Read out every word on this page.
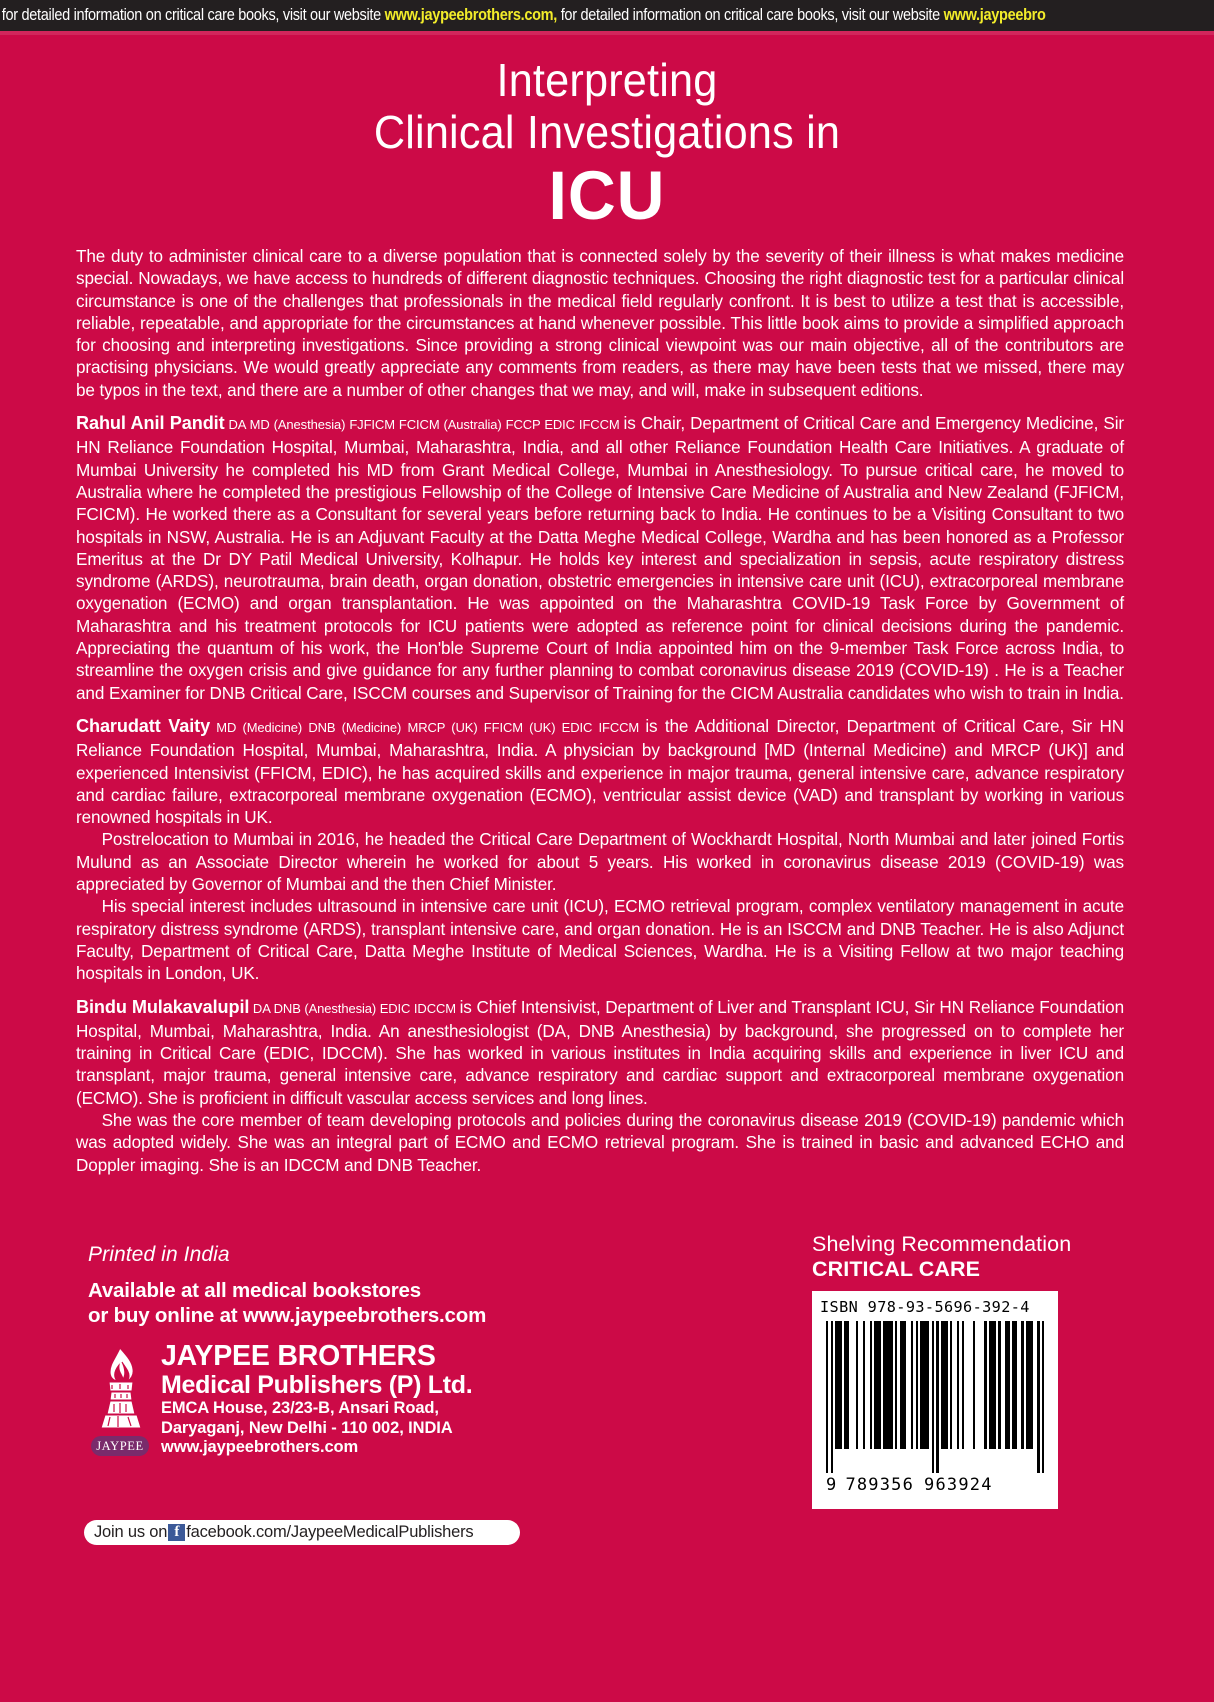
for detailed information on critical care books, visit our website www.jaypeebrothers.com, for detailed information on critical care books, visit our website www.jaypeebro
Interpreting
Clinical Investigations in
ICU

The duty to administer clinical care to a diverse population that is connected solely by the severity of their illness is what makes medicine special. Nowadays, we have access to hundreds of different diagnostic techniques. Choosing the right diagnostic test for a particular clinical circumstance is one of the challenges that professionals in the medical field regularly confront. It is best to utilize a test that is accessible, reliable, repeatable, and appropriate for the circumstances at hand whenever possible. This little book aims to provide a simplified approach for choosing and interpreting investigations. Since providing a strong clinical viewpoint was our main objective, all of the contributors are practising physicians. We would greatly appreciate any comments from readers, as there may have been tests that we missed, there may be typos in the text, and there are a number of other changes that we may, and will, make in subsequent editions.

Rahul Anil Pandit DA MD (Anesthesia) FJFICM FCICM (Australia) FCCP EDIC IFCCM is Chair, Department of Critical Care and Emergency Medicine, Sir HN Reliance Foundation Hospital, Mumbai, Maharashtra, India, and all other Reliance Foundation Health Care Initiatives. A graduate of Mumbai University he completed his MD from Grant Medical College, Mumbai in Anesthesiology. To pursue critical care, he moved to Australia where he completed the prestigious Fellowship of the College of Intensive Care Medicine of Australia and New Zealand (FJFICM, FCICM). He worked there as a Consultant for several years before returning back to India. He continues to be a Visiting Consultant to two hospitals in NSW, Australia. He is an Adjuvant Faculty at the Datta Meghe Medical College, Wardha and has been honored as a Professor Emeritus at the Dr DY Patil Medical University, Kolhapur. He holds key interest and specialization in sepsis, acute respiratory distress syndrome (ARDS), neurotrauma, brain death, organ donation, obstetric emergencies in intensive care unit (ICU), extracorporeal membrane oxygenation (ECMO) and organ transplantation. He was appointed on the Maharashtra COVID-19 Task Force by Government of Maharashtra and his treatment protocols for ICU patients were adopted as reference point for clinical decisions during the pandemic. Appreciating the quantum of his work, the Hon'ble Supreme Court of India appointed him on the 9-member Task Force across India, to streamline the oxygen crisis and give guidance for any further planning to combat coronavirus disease 2019 (COVID-19) . He is a Teacher and Examiner for DNB Critical Care, ISCCM courses and Supervisor of Training for the CICM Australia candidates who wish to train in India.

Charudatt Vaity MD (Medicine) DNB (Medicine) MRCP (UK) FFICM (UK) EDIC IFCCM is the Additional Director, Department of Critical Care, Sir HN Reliance Foundation Hospital, Mumbai, Maharashtra, India. A physician by background [MD (Internal Medicine) and MRCP (UK)] and experienced Intensivist (FFICM, EDIC), he has acquired skills and experience in major trauma, general intensive care, advance respiratory and cardiac failure, extracorporeal membrane oxygenation (ECMO), ventricular assist device (VAD) and transplant by working in various renowned hospitals in UK.

Postrelocation to Mumbai in 2016, he headed the Critical Care Department of Wockhardt Hospital, North Mumbai and later joined Fortis Mulund as an Associate Director wherein he worked for about 5 years. His worked in coronavirus disease 2019 (COVID-19) was appreciated by Governor of Mumbai and the then Chief Minister.

His special interest includes ultrasound in intensive care unit (ICU), ECMO retrieval program, complex ventilatory management in acute respiratory distress syndrome (ARDS), transplant intensive care, and organ donation. He is an ISCCM and DNB Teacher. He is also Adjunct Faculty, Department of Critical Care, Datta Meghe Institute of Medical Sciences, Wardha. He is a Visiting Fellow at two major teaching hospitals in London, UK.

Bindu Mulakavalupil DA DNB (Anesthesia) EDIC IDCCM is Chief Intensivist, Department of Liver and Transplant ICU, Sir HN Reliance Foundation Hospital, Mumbai, Maharashtra, India. An anesthesiologist (DA, DNB Anesthesia) by background, she progressed on to complete her training in Critical Care (EDIC, IDCCM). She has worked in various institutes in India acquiring skills and experience in liver ICU and transplant, major trauma, general intensive care, advance respiratory and cardiac support and extracorporeal membrane oxygenation (ECMO). She is proficient in difficult vascular access services and long lines.

She was the core member of team developing protocols and policies during the coronavirus disease 2019 (COVID-19) pandemic which was adopted widely. She was an integral part of ECMO and ECMO retrieval program. She is trained in basic and advanced ECHO and Doppler imaging. She is an IDCCM and DNB Teacher.

Printed in India
Available at all medical bookstores
or buy online at www.jaypeebrothers.com
JAYPEE
JAYPEE BROTHERS
Medical Publishers (P) Ltd.
EMCA House, 23/23-B, Ansari Road,
Daryaganj, New Delhi - 110 002, INDIA
www.jaypeebrothers.com
Join us on f facebook.com/JaypeeMedicalPublishers
Shelving Recommendation
CRITICAL CARE
ISBN 978-93-5696-392-4
9 789356 963924
